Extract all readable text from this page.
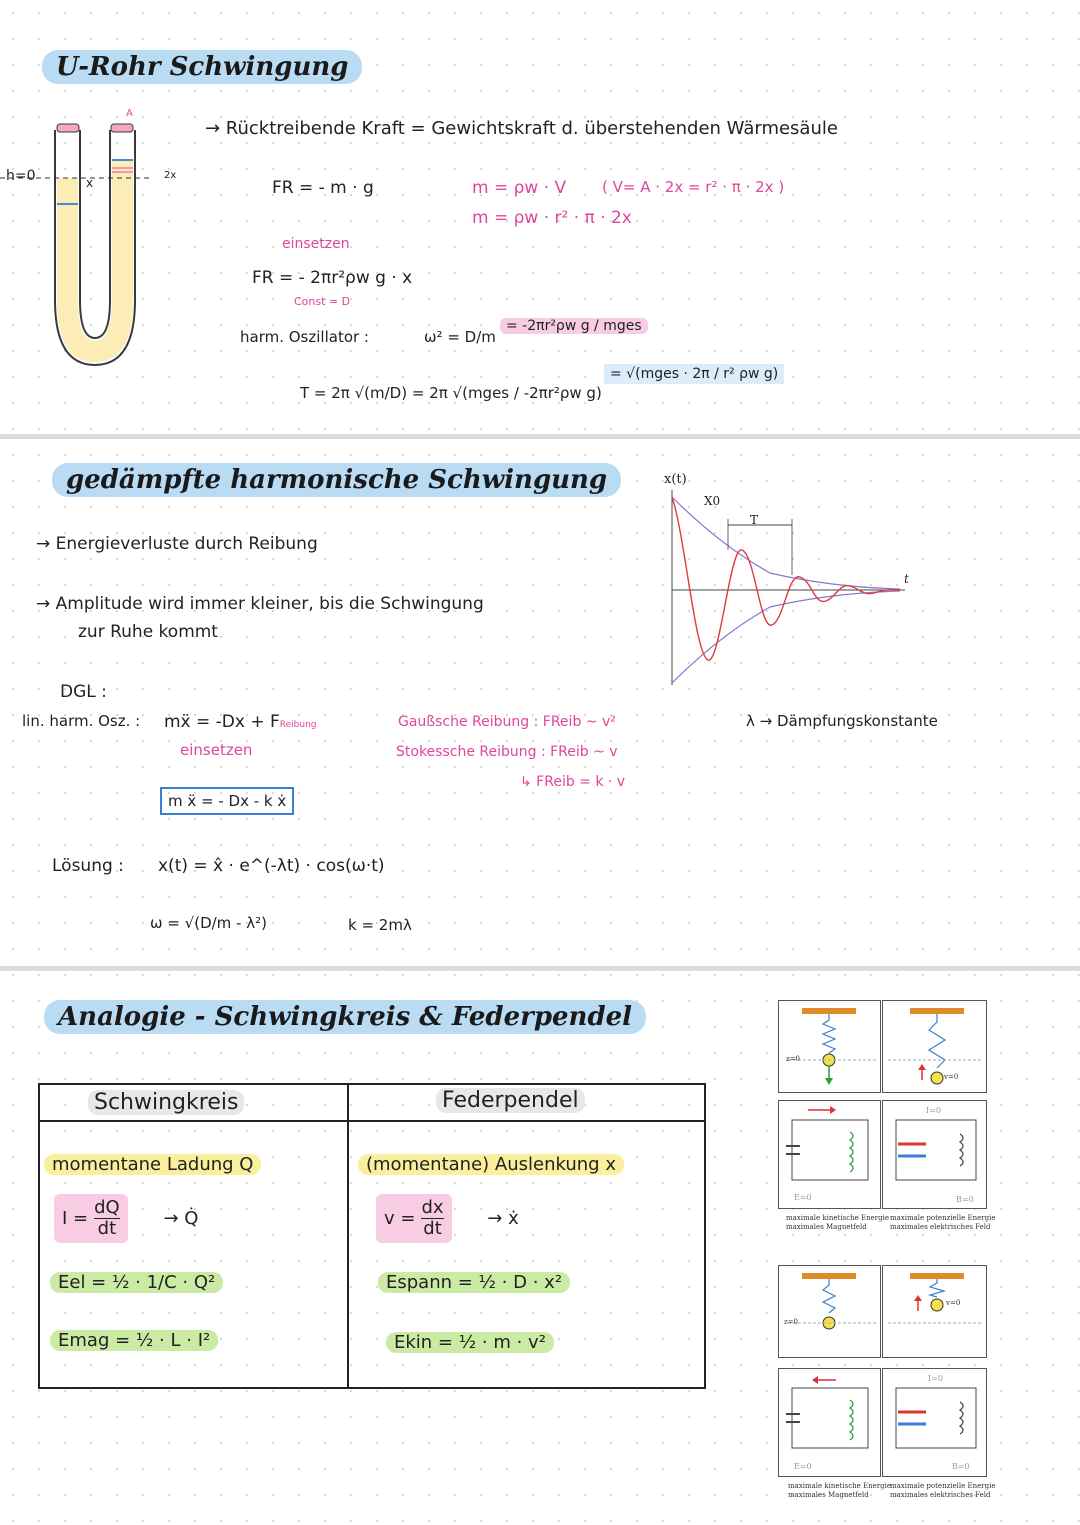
U-Rohr Schwingung
h=0	x
2x
A
→ Rücktreibende Kraft = Gewichtskraft d. überstehenden Wärmesäule
FR = - m · g	m = ρw · V ( V= A · 2x = r² · π · 2x )
m = ρw · r² · π · 2x
einsetzen
FR = - 2πr²ρw g · x
Const = D
harm. Oszillator :	ω² = D/m
= -2πr²ρw g / mges
T = 2π √(m/D) = 2π √(mges / -2πr²ρw g)
= √(mges · 2π / r² ρw g)
gedämpfte harmonische Schwingung
→ Energieverluste durch Reibung
→ Amplitude wird immer kleiner, bis die Schwingung
zur Ruhe kommt
x(t)
X0
T
t
DGL :
lin. harm. Osz. : mẍ = -Dx + FReibung
einsetzen
m ẍ = - Dx - k ẋ
Gaußsche Reibung : FReib ~ v²
Stokessche Reibung : FReib ~ v
↳ FReib = k · v
λ → Dämpfungskonstante
Lösung : x(t) = x̂ · e^(-λt) · cos(ω·t)
ω = √(D/m - λ²)	k = 2mλ
Analogie - Schwingkreis & Federpendel
Schwingkreis	Federpendel
momentane Ladung Q	(momentane) Auslenkung x
$I = \frac{dQ}{dt}$ → Q̇	$v = \frac{dx}{dt}$ → ẋ
Eel = ½ · 1/C · Q²	Espann = ½ · D · x²
Emag = ½ · L · I²	Ekin = ½ · m · v²
z=0
v=0
I=0
E=0	B=0
maximale kinetische Energie
maximales Magnetfeld
maximale potenzielle Energie
maximales elektrisches Feld
z=0
v=0
I=0
E=0	B=0
maximale kinetische Energie
maximales Magnetfeld
maximale potenzielle Energie
maximales elektrisches Feld
